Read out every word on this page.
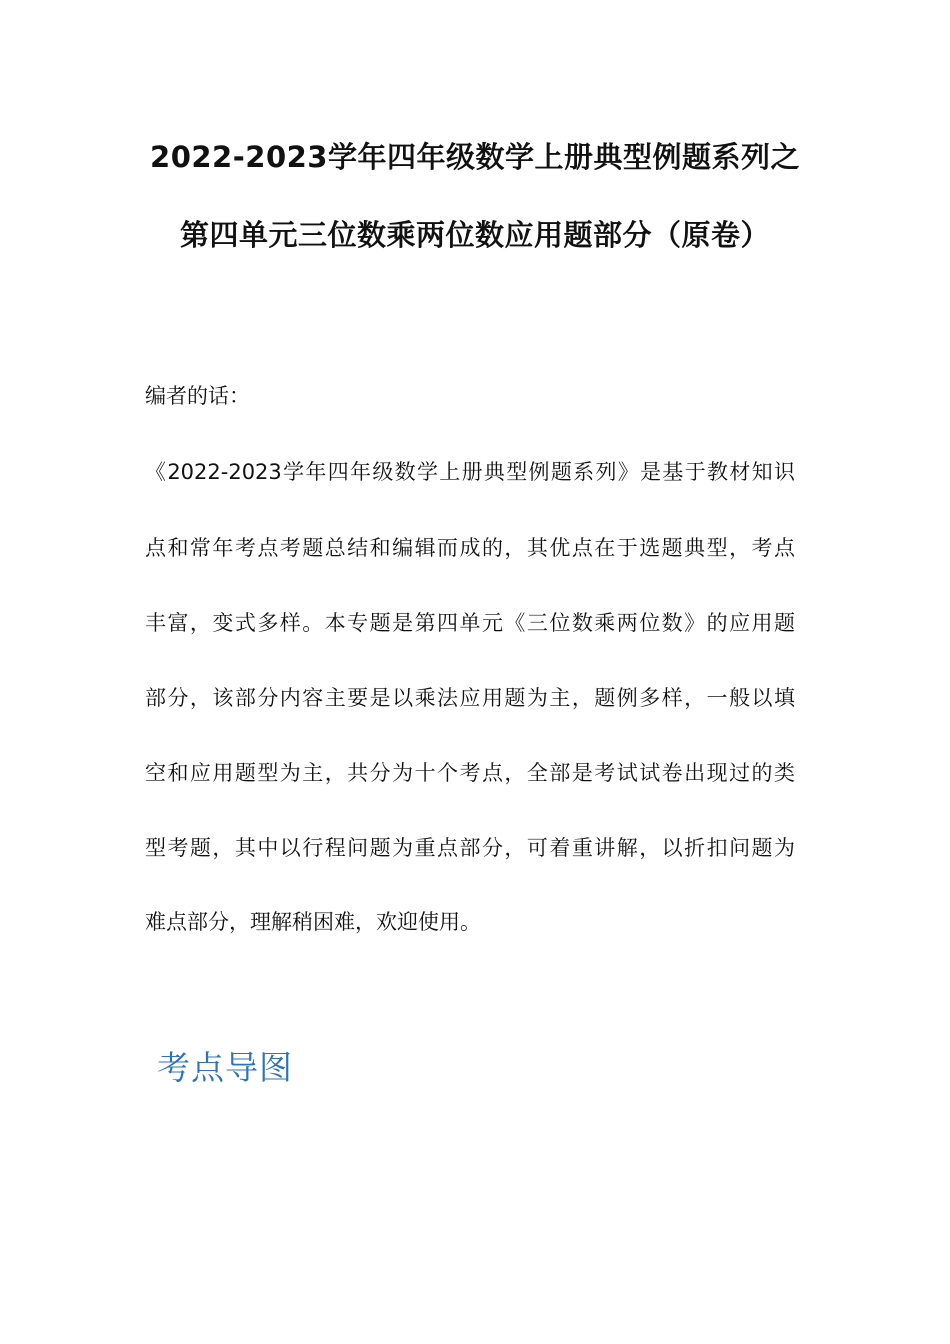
2022-2023学年四年级数学上册典型例题系列之
第四单元三位数乘两位数应用题部分（原卷）
编者的话：
《2022-2023学年四年级数学上册典型例题系列》是基于教材知识
点和常年考点考题总结和编辑而成的，其优点在于选题典型，考点
丰富，变式多样。本专题是第四单元《三位数乘两位数》的应用题
部分，该部分内容主要是以乘法应用题为主，题例多样，一般以填
空和应用题型为主，共分为十个考点，全部是考试试卷出现过的类
型考题，其中以行程问题为重点部分，可着重讲解，以折扣问题为
难点部分，理解稍困难，欢迎使用。
考点导图
